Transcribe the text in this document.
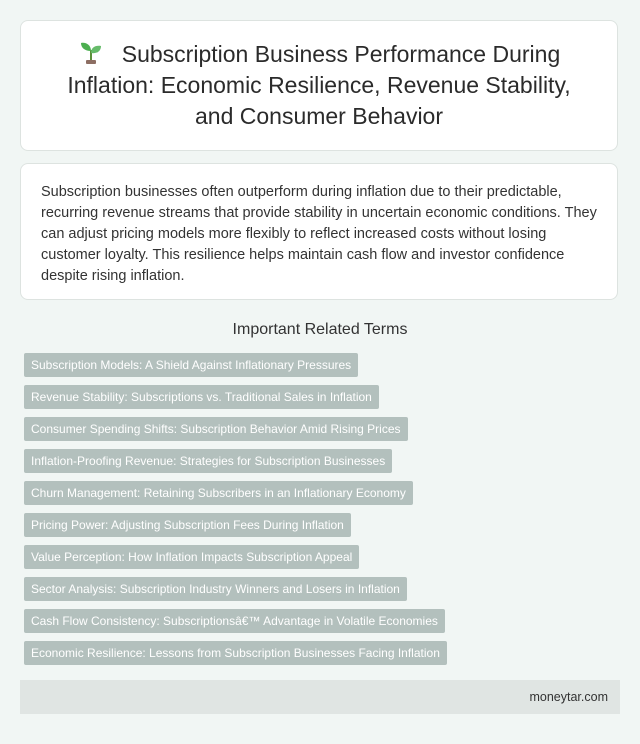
Subscription Business Performance During Inflation: Economic Resilience, Revenue Stability, and Consumer Behavior

Subscription businesses often outperform during inflation due to their predictable, recurring revenue streams that provide stability in uncertain economic conditions. They can adjust pricing models more flexibly to reflect increased costs without losing customer loyalty. This resilience helps maintain cash flow and investor confidence despite rising inflation.

Important Related Terms
Subscription Models: A Shield Against Inflationary Pressures
Revenue Stability: Subscriptions vs. Traditional Sales in Inflation
Consumer Spending Shifts: Subscription Behavior Amid Rising Prices
Inflation-Proofing Revenue: Strategies for Subscription Businesses
Churn Management: Retaining Subscribers in an Inflationary Economy
Pricing Power: Adjusting Subscription Fees During Inflation
Value Perception: How Inflation Impacts Subscription Appeal
Sector Analysis: Subscription Industry Winners and Losers in Inflation
Cash Flow Consistency: Subscriptionsâ€™ Advantage in Volatile Economies
Economic Resilience: Lessons from Subscription Businesses Facing Inflation
moneytar.com
